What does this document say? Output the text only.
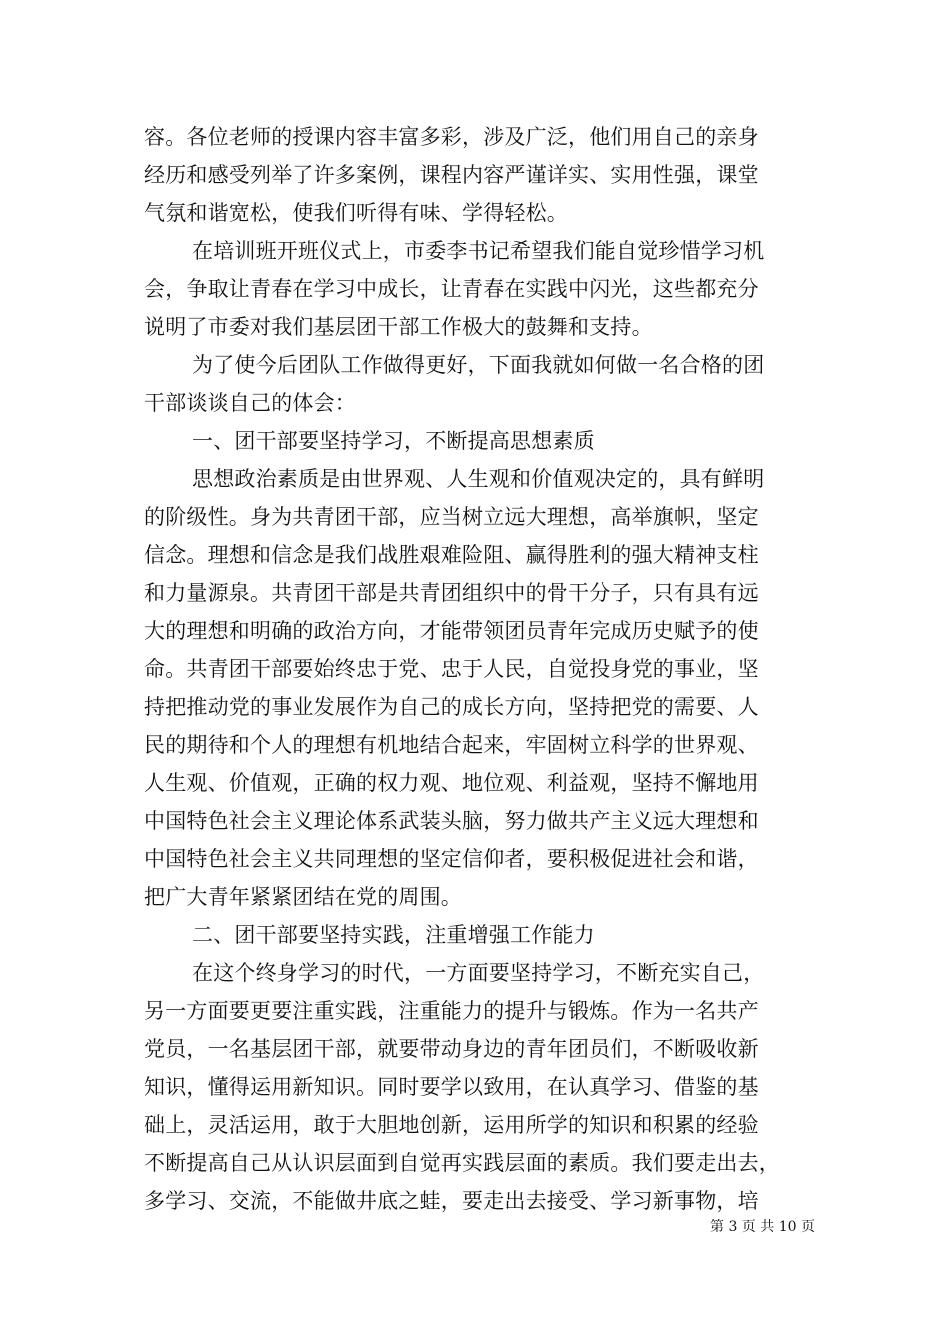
容。各位老师的授课内容丰富多彩，涉及广泛，他们用自己的亲身
经历和感受列举了许多案例，课程内容严谨详实、实用性强，课堂
气氛和谐宽松，使我们听得有味、学得轻松。
在培训班开班仪式上，市委李书记希望我们能自觉珍惜学习机
会，争取让青春在学习中成长，让青春在实践中闪光，这些都充分
说明了市委对我们基层团干部工作极大的鼓舞和支持。
为了使今后团队工作做得更好，下面我就如何做一名合格的团
干部谈谈自己的体会：
一、团干部要坚持学习，不断提高思想素质
思想政治素质是由世界观、人生观和价值观决定的，具有鲜明
的阶级性。身为共青团干部，应当树立远大理想，高举旗帜，坚定
信念。理想和信念是我们战胜艰难险阻、赢得胜利的强大精神支柱
和力量源泉。共青团干部是共青团组织中的骨干分子，只有具有远
大的理想和明确的政治方向，才能带领团员青年完成历史赋予的使
命。共青团干部要始终忠于党、忠于人民，自觉投身党的事业，坚
持把推动党的事业发展作为自己的成长方向，坚持把党的需要、人
民的期待和个人的理想有机地结合起来，牢固树立科学的世界观、
人生观、价值观，正确的权力观、地位观、利益观，坚持不懈地用
中国特色社会主义理论体系武装头脑，努力做共产主义远大理想和
中国特色社会主义共同理想的坚定信仰者，要积极促进社会和谐，
把广大青年紧紧团结在党的周围。
二、团干部要坚持实践，注重增强工作能力
在这个终身学习的时代，一方面要坚持学习，不断充实自己，
另一方面要更要注重实践，注重能力的提升与锻炼。作为一名共产
党员，一名基层团干部，就要带动身边的青年团员们，不断吸收新
知识，懂得运用新知识。同时要学以致用，在认真学习、借鉴的基
础上，灵活运用，敢于大胆地创新，运用所学的知识和积累的经验
不断提高自己从认识层面到自觉再实践层面的素质。我们要走出去，
多学习、交流，不能做井底之蛙，要走出去接受、学习新事物，培
第 3 页 共 10 页
